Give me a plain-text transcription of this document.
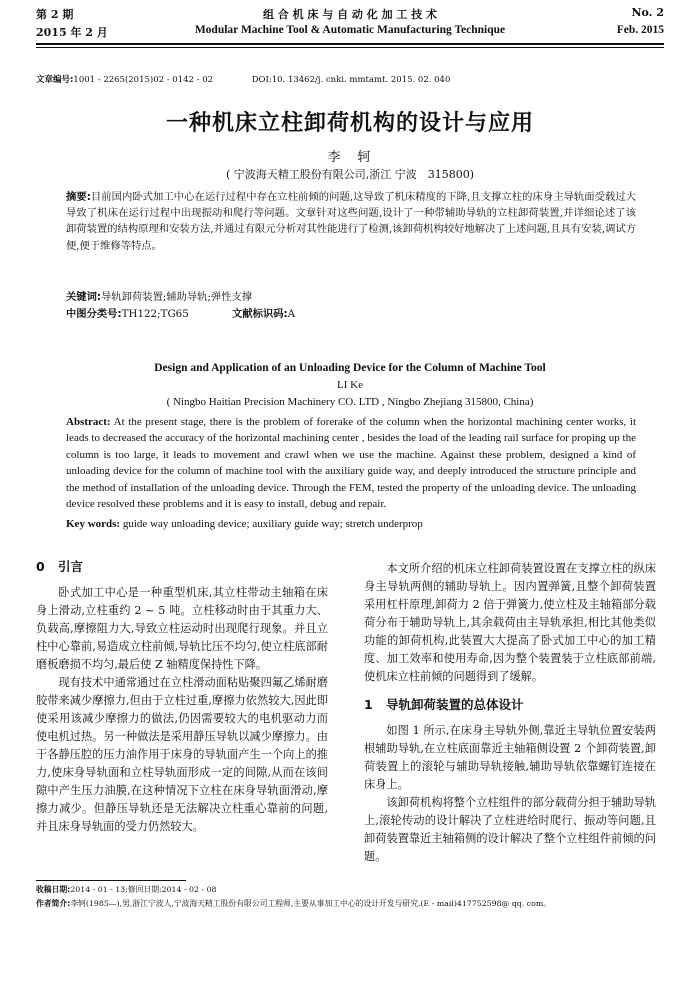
第 2 期	组 合 机 床 与 自 动 化 加 工 技 术	No. 2
2015 年 2 月	Modular Machine Tool & Automatic Manufacturing Technique	Feb. 2015
文章编号:1001 - 2265(2015)02 - 0142 - 02	DOI:10. 13462/j. cnki. mmtamt. 2015. 02. 040
一种机床立柱卸荷机构的设计与应用
李　轲
( 宁波海天精工股份有限公司,浙江 宁波　315800)
摘要:目前国内卧式加工中心在运行过程中存在立柱前倾的问题,这导致了机床精度的下降,且支撑立柱的床身主导轨面受载过大导致了机床在运行过程中出现振动和爬行等问题。文章针对这些问题,设计了一种带辅助导轨的立柱卸荷装置,并详细论述了该卸荷装置的结构原理和安装方法,并通过有限元分析对其性能进行了检测,该卸荷机构较好地解决了上述问题,且具有安装,调试方便,便于维修等特点。
关键词:导轨卸荷装置;辅助导轨;弹性支撑
中图分类号:TH122;TG65	文献标识码:A
Design and Application of an Unloading Device for the Column of Machine Tool
LI Ke
( Ningbo Haitian Precision Machinery CO. LTD , Ningbo Zhejiang 315800, China)
Abstract: At the present stage, there is the problem of forerake of the column when the horizontal machining center works, it leads to decreased the accuracy of the horizontal machining center , besides the load of the leading rail surface for proping up the column is too large, it leads to movement and crawl when we use the machine. Against these problem, designed a kind of unloading device for the column of machine tool with the auxiliary guide way, and deeply introduced the structure principle and the method of installation of the unloading device. Through the FEM, tested the property of the unloading device. The unloading device resolved these problems and it is easy to install, debug and repair.
Key words: guide way unloading device; auxiliary guide way; stretch underprop
0 引言

卧式加工中心是一种重型机床,其立柱带动主轴箱在床身上滑动,立柱重约 2 ~ 5 吨。立柱移动时由于其重力大、负载高,摩擦阻力大,导致立柱运动时出现爬行现象。并且立柱中心靠前,易造成立柱前倾,导轨比压不均匀,使立柱底部耐磨板磨损不均匀,最后使 Z 轴精度保持性下降。

现有技术中通常通过在立柱滑动面粘贴聚四氟乙烯耐磨胶带来减少摩擦力,但由于立柱过重,摩擦力依然较大,因此即使采用该减少摩擦力的做法,仍因需要较大的电机驱动力而使电机过热。另一种做法是采用静压导轨以减少摩擦力。由于各静压腔的压力油作用于床身的导轨面产生一个向上的推力,使床身导轨面和立柱导轨面形成一定的间隙,从而在该间隙中产生压力油膜,在这种情况下立柱在床身导轨面滑动,摩擦力减少。但静压导轨还是无法解决立柱重心靠前的问题,并且床身导轨面的受力仍然较大。

本文所介绍的机床立柱卸荷装置设置在支撑立柱的纵床身主导轨两侧的辅助导轨上。因内置弹簧,且整个卸荷装置采用杠杆原理,卸荷力 2 倍于弹簧力,使立柱及主轴箱部分载荷分布于辅助导轨上,其余载荷由主导轨承担,相比其他类似功能的卸荷机构,此装置大大提高了卧式加工中心的加工精度、加工效率和使用寿命,因为整个装置装于立柱底部前端,使机床立柱前倾的问题得到了缓解。

1 导轨卸荷装置的总体设计

如图 1 所示,在床身主导轨外侧,靠近主导轨位置安装两根辅助导轨,在立柱底面靠近主轴箱侧设置 2 个卸荷装置,卸荷装置上的滚轮与辅助导轨接触,辅助导轨依靠螺钉连接在床身上。

该卸荷机构将整个立柱组件的部分载荷分担于辅助导轨上,滚轮传动的设计解决了立柱进给时爬行、振动等问题,且卸荷装置靠近主轴箱侧的设计解决了整个立柱组件前倾的问题。

收稿日期:2014 - 01 - 13;修回日期:2014 - 02 - 08
作者简介:李轲(1985—),男,浙江宁波人,宁波海天精工股份有限公司工程师,主要从事加工中心的设计开发与研究,(E - mail)417752598@ qq. com。
